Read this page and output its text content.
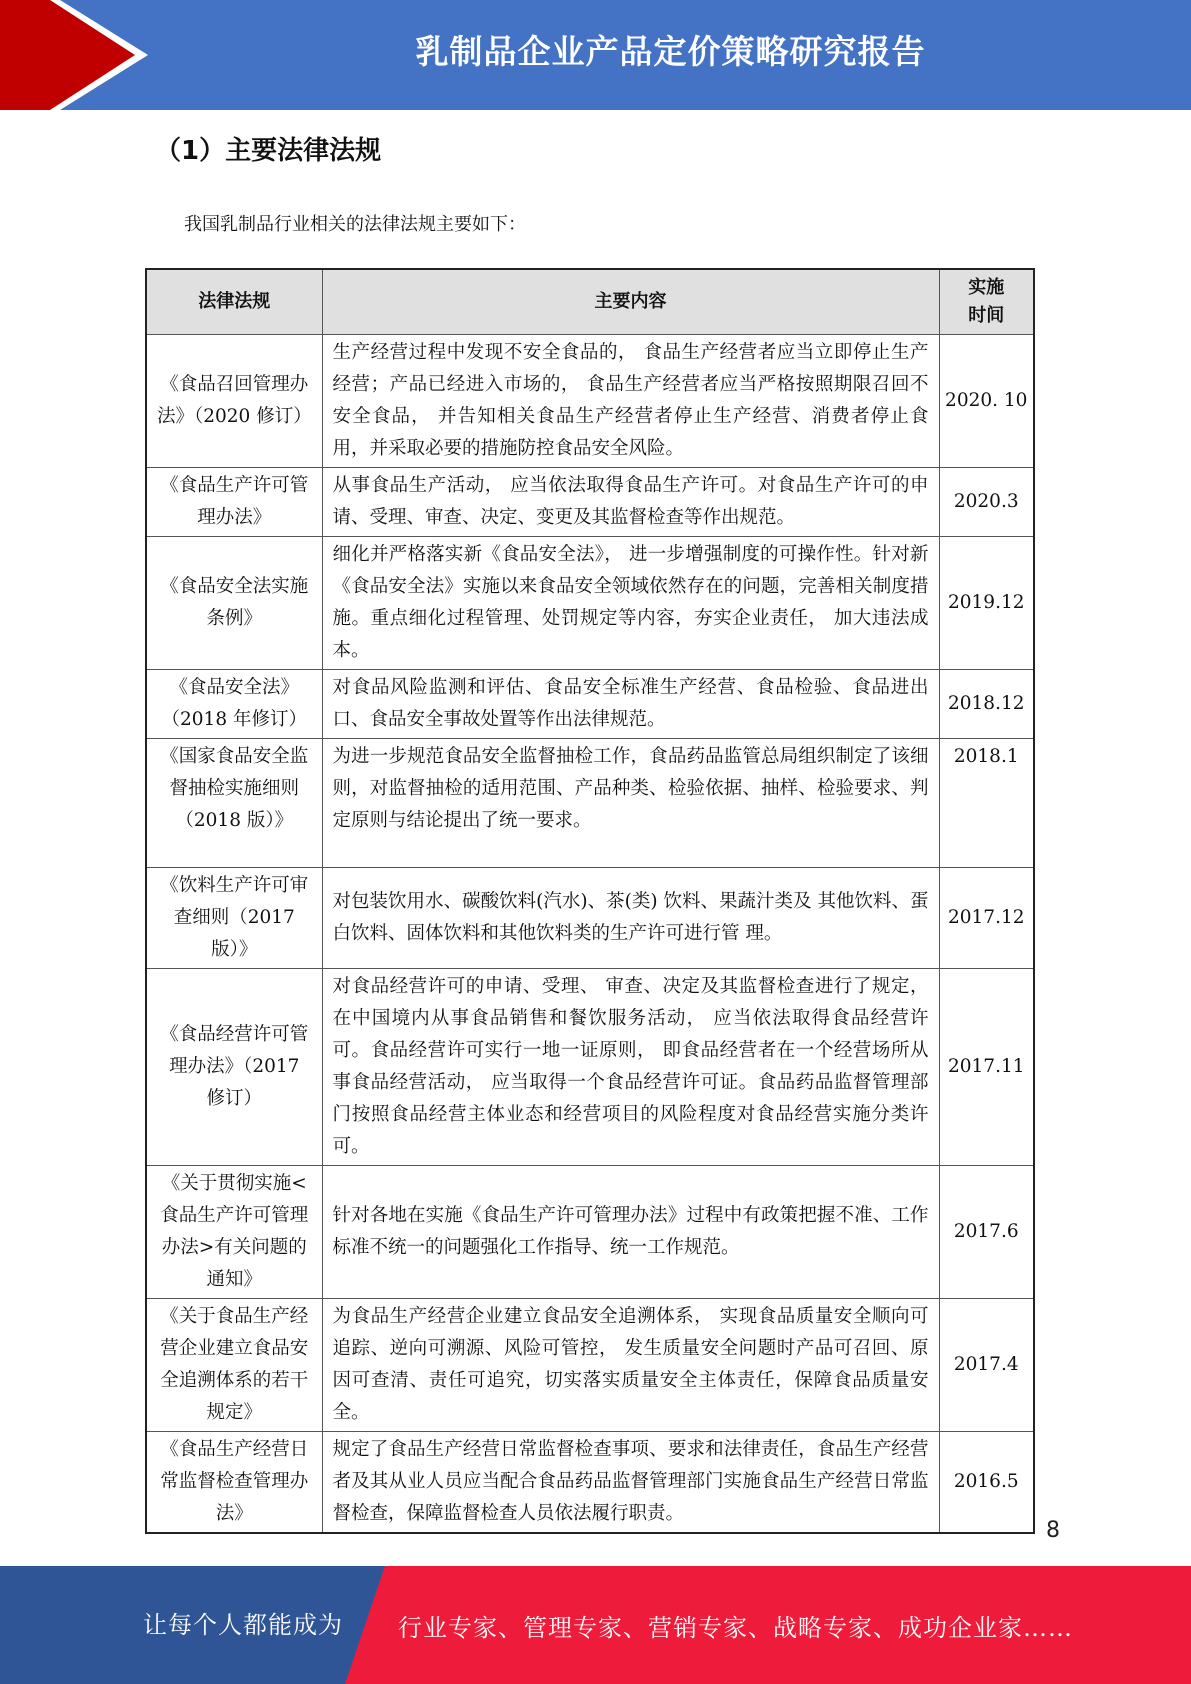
乳制品企业产品定价策略研究报告
（1）主要法律法规
我国乳制品行业相关的法律法规主要如下：
法律法规	主要内容	实施时间
《食品召回管理办法》（2020 修订）	生产经营过程中发现不安全食品的， 食品生产经营者应当立即停止生产经营；产品已经进入市场的， 食品生产经营者应当严格按照期限召回不安全食品， 并告知相关食品生产经营者停止生产经营、消费者停止食用，并采取必要的措施防控食品安全风险。	2020. 10
《食品生产许可管理办法》	从事食品生产活动， 应当依法取得食品生产许可。对食品生产许可的申请、受理、审查、决定、变更及其监督检查等作出规范。	2020.3
《食品安全法实施条例》	细化并严格落实新《食品安全法》， 进一步增强制度的可操作性。针对新《食品安全法》实施以来食品安全领域依然存在的问题，完善相关制度措施。重点细化过程管理、处罚规定等内容，夯实企业责任， 加大违法成本。	2019.12
《食品安全法》（2018 年修订）	对食品风险监测和评估、食品安全标准生产经营、食品检验、食品进出口、食品安全事故处置等作出法律规范。	2018.12
《国家食品安全监督抽检实施细则（2018 版）》	为进一步规范食品安全监督抽检工作，食品药品监管总局组织制定了该细则，对监督抽检的适用范围、产品种类、检验依据、抽样、检验要求、判定原则与结论提出了统一要求。	2018.1
《饮料生产许可审查细则（2017 版）》	对包装饮用水、碳酸饮料(汽水)、茶(类) 饮料、果蔬汁类及 其他饮料、蛋白饮料、固体饮料和其他饮料类的生产许可进行管 理。	2017.12
《食品经营许可管理办法》（2017 修订）	对食品经营许可的申请、受理、 审查、决定及其监督检查进行了规定， 在中国境内从事食品销售和餐饮服务活动， 应当依法取得食品经营许可。食品经营许可实行一地一证原则， 即食品经营者在一个经营场所从事食品经营活动， 应当取得一个食品经营许可证。食品药品监督管理部门按照食品经营主体业态和经营项目的风险程度对食品经营实施分类许可。	2017.11
《关于贯彻实施<食品生产许可管理办法>有关问题的通知》	针对各地在实施《食品生产许可管理办法》过程中有政策把握不准、工作标准不统一的问题强化工作指导、统一工作规范。	2017.6
《关于食品生产经营企业建立食品安全追溯体系的若干规定》	为食品生产经营企业建立食品安全追溯体系， 实现食品质量安全顺向可追踪、逆向可溯源、风险可管控， 发生质量安全问题时产品可召回、原因可查清、责任可追究，切实落实质量安全主体责任，保障食品质量安全。	2017.4
《食品生产经营日常监督检查管理办法》	规定了食品生产经营日常监督检查事项、要求和法律责任，食品生产经营者及其从业人员应当配合食品药品监督管理部门实施食品生产经营日常监督检查，保障监督检查人员依法履行职责。	2016.5
8
让每个人都能成为 行业专家、管理专家、营销专家、战略专家、成功企业家……
